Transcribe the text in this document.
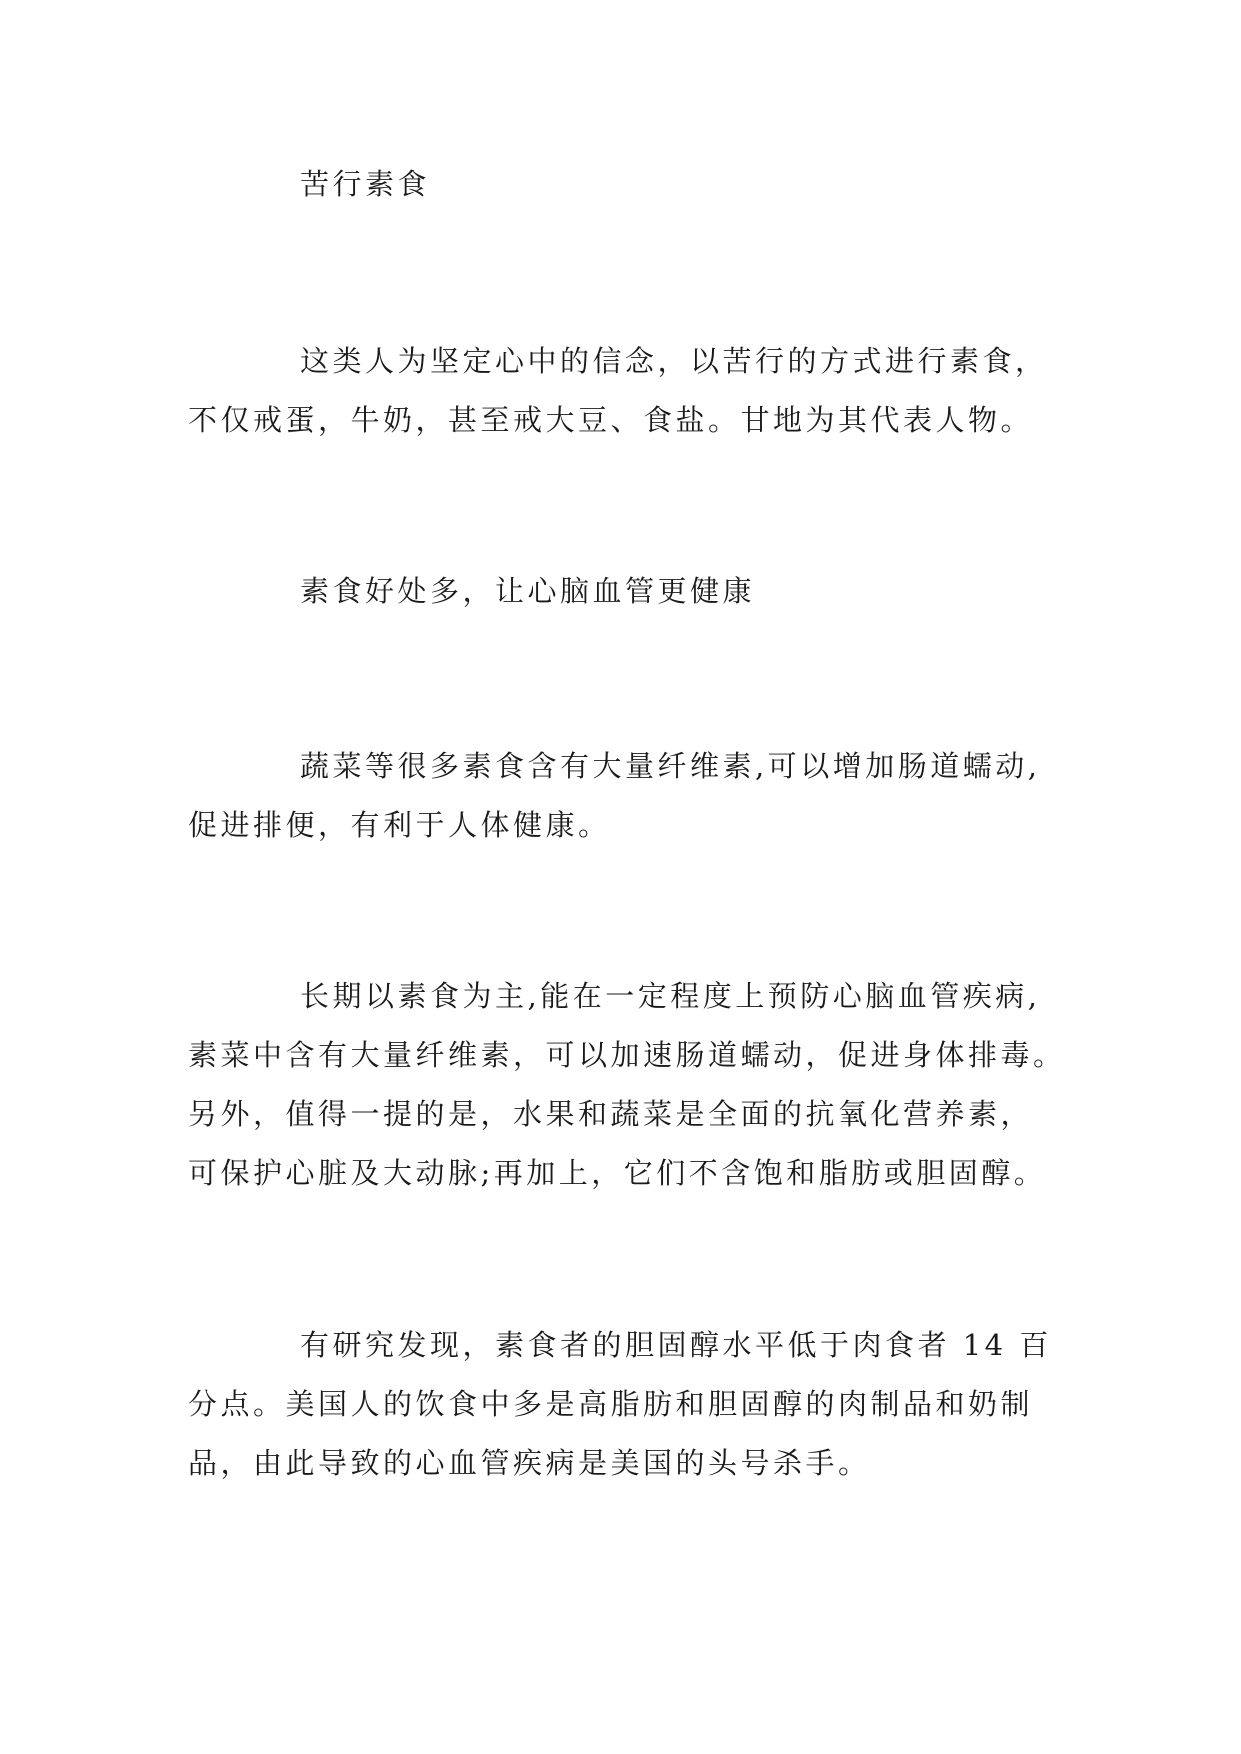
苦行素食
这类人为坚定心中的信念，以苦行的方式进行素食，
不仅戒蛋，牛奶，甚至戒大豆、食盐。甘地为其代表人物。
素食好处多，让心脑血管更健康
蔬菜等很多素食含有大量纤维素,可以增加肠道蠕动,
促进排便，有利于人体健康。
长期以素食为主,能在一定程度上预防心脑血管疾病,
素菜中含有大量纤维素，可以加速肠道蠕动，促进身体排毒。
另外，值得一提的是，水果和蔬菜是全面的抗氧化营养素，
可保护心脏及大动脉;再加上，它们不含饱和脂肪或胆固醇。
有研究发现，素食者的胆固醇水平低于肉食者 14 百
分点。美国人的饮食中多是高脂肪和胆固醇的肉制品和奶制
品，由此导致的心血管疾病是美国的头号杀手。
